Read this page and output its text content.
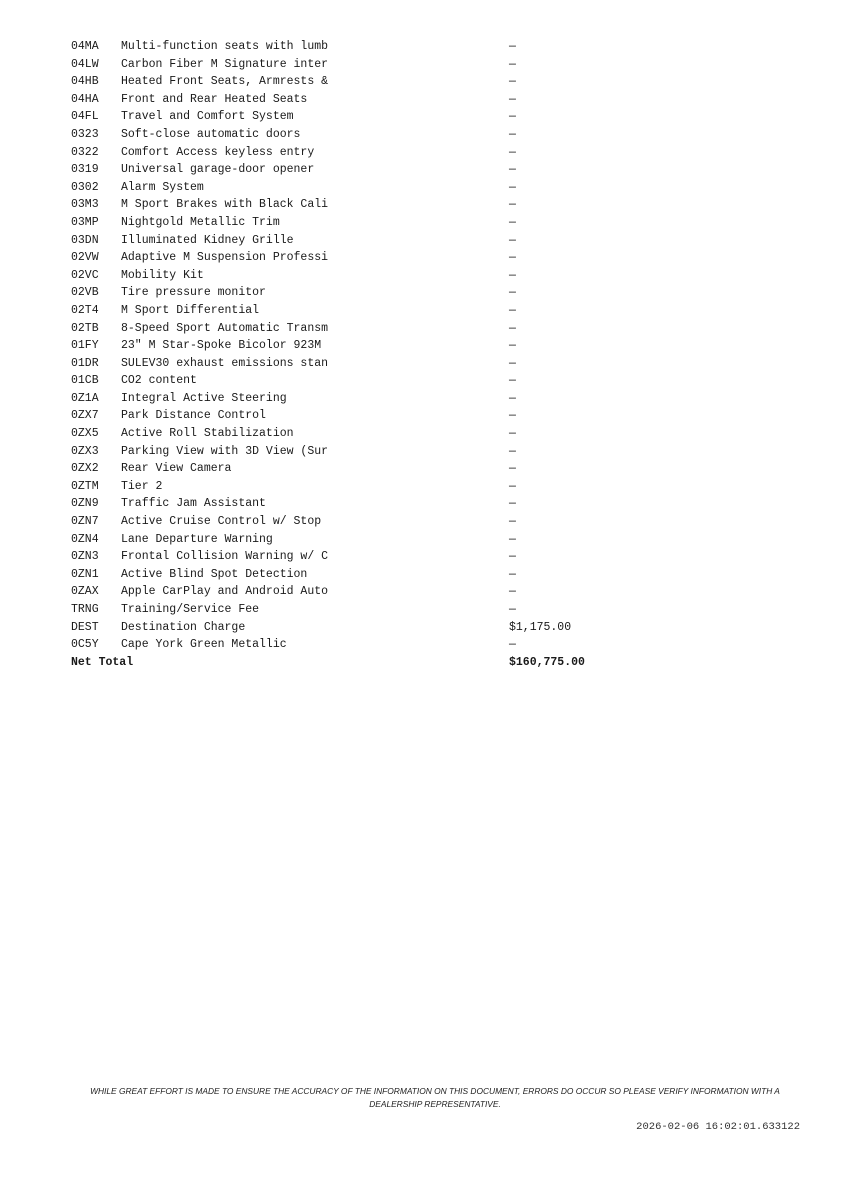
04MA	Multi-function seats with lumb	—
04LW	Carbon Fiber M Signature inter	—
04HB	Heated Front Seats, Armrests &	—
04HA	Front and Rear Heated Seats	—
04FL	Travel and Comfort System	—
0323	Soft-close automatic doors	—
0322	Comfort Access keyless entry	—
0319	Universal garage-door opener	—
0302	Alarm System	—
03M3	M Sport Brakes with Black Cali	—
03MP	Nightgold Metallic Trim	—
03DN	Illuminated Kidney Grille	—
02VW	Adaptive M Suspension Professi	—
02VC	Mobility Kit	—
02VB	Tire pressure monitor	—
02T4	M Sport Differential	—
02TB	8-Speed Sport Automatic Transm	—
01FY	23" M Star-Spoke Bicolor 923M	—
01DR	SULEV30 exhaust emissions stan	—
01CB	CO2 content	—
0Z1A	Integral Active Steering	—
0ZX7	Park Distance Control	—
0ZX5	Active Roll Stabilization	—
0ZX3	Parking View with 3D View (Sur	—
0ZX2	Rear View Camera	—
0ZTM	Tier 2	—
0ZN9	Traffic Jam Assistant	—
0ZN7	Active Cruise Control w/ Stop	—
0ZN4	Lane Departure Warning	—
0ZN3	Frontal Collision Warning w/ C	—
0ZN1	Active Blind Spot Detection	—
0ZAX	Apple CarPlay and Android Auto	—
TRNG	Training/Service Fee	—
DEST	Destination Charge	$1,175.00
0C5Y	Cape York Green Metallic	—
Net Total	$160,775.00
WHILE GREAT EFFORT IS MADE TO ENSURE THE ACCURACY OF THE INFORMATION ON THIS DOCUMENT, ERRORS DO OCCUR SO PLEASE VERIFY INFORMATION WITH A
DEALERSHIP REPRESENTATIVE.
2026-02-06 16:02:01.633122
